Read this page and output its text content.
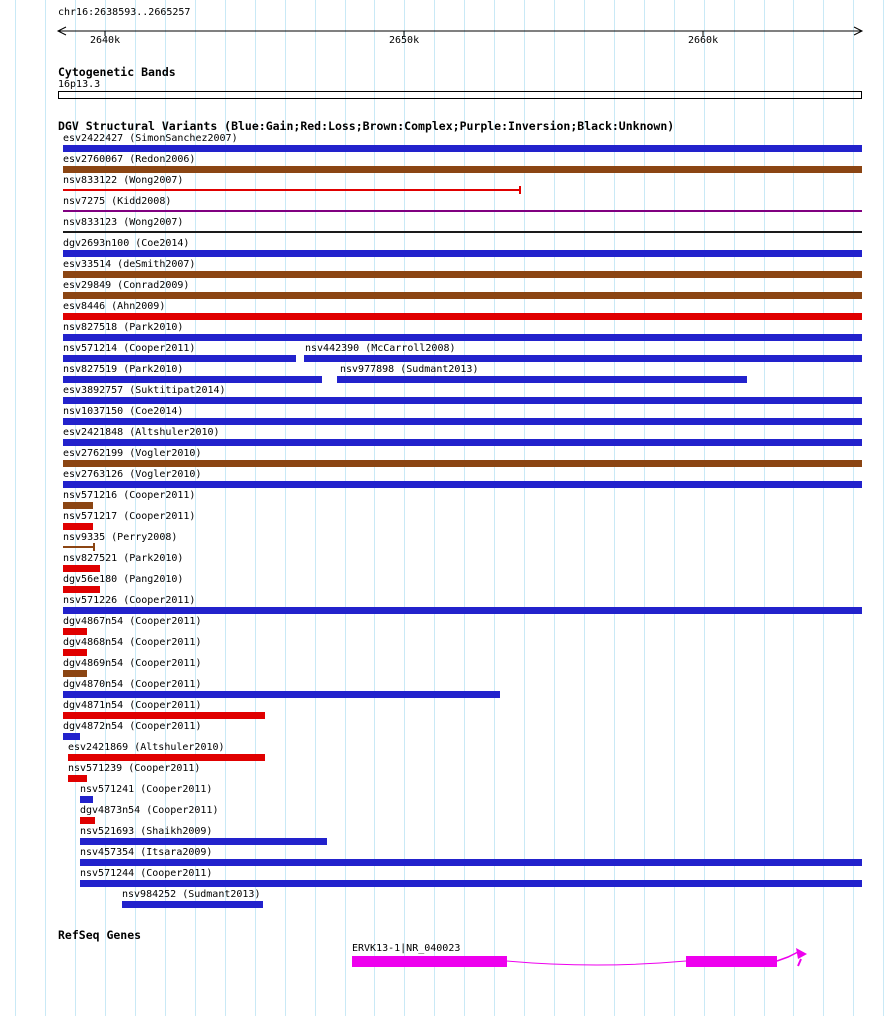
chr16:2638593..2665257
Cytogenetic Bands
16p13.3
DGV Structural Variants (Blue:Gain;Red:Loss;Brown:Complex;Purple:Inversion;Black:Unknown)
esv2422427 (SimonSanchez2007)
esv2760067 (Redon2006)
nsv833122 (Wong2007)
nsv7275 (Kidd2008)
nsv833123 (Wong2007)
dgv2693n100 (Coe2014)
esv33514 (deSmith2007)
esv29849 (Conrad2009)
esv8446 (Ahn2009)
nsv827518 (Park2010)
nsv571214 (Cooper2011)	nsv442390 (McCarroll2008)
nsv827519 (Park2010)	nsv977898 (Sudmant2013)
esv3892757 (Suktitipat2014)
nsv1037150 (Coe2014)
esv2421848 (Altshuler2010)
esv2762199 (Vogler2010)
esv2763126 (Vogler2010)
nsv571216 (Cooper2011)
nsv571217 (Cooper2011)
nsv9335 (Perry2008)
nsv827521 (Park2010)
dgv56e180 (Pang2010)
nsv571226 (Cooper2011)
dgv4867n54 (Cooper2011)
dgv4868n54 (Cooper2011)
dgv4869n54 (Cooper2011)
dgv4870n54 (Cooper2011)
dgv4871n54 (Cooper2011)
dgv4872n54 (Cooper2011)
esv2421869 (Altshuler2010)
nsv571239 (Cooper2011)
nsv571241 (Cooper2011)
dgv4873n54 (Cooper2011)
nsv521693 (Shaikh2009)
nsv457354 (Itsara2009)
nsv571244 (Cooper2011)
nsv984252 (Sudmant2013)
RefSeq Genes
ERVK13-1|NR_040023
2640k	2650k	2660k
